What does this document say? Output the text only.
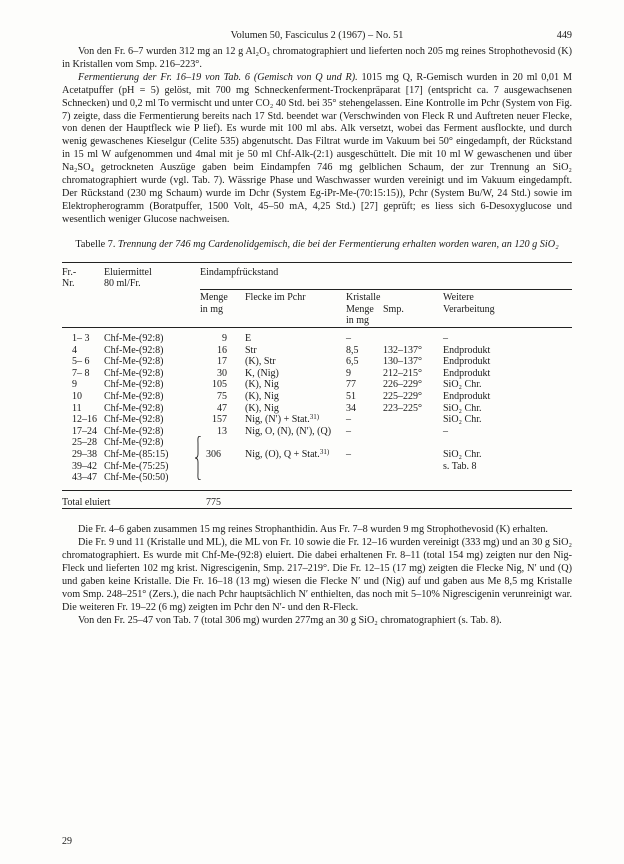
Volumen 50, Fasciculus 2 (1967) – No. 51	449

Von den Fr. 6–7 wurden 312 mg an 12 g Al₂O₃ chromatographiert und lieferten noch 205 mg reines Strophothevosid (K) in Kristallen vom Smp. 216–223°.

Fermentierung der Fr. 16–19 von Tab. 6 (Gemisch von Q und R). 1015 mg Q, R-Gemisch wurden in 20 ml 0,01 M Acetatpuffer (pH = 5) gelöst, mit 700 mg Schneckenferment-Trockenpräparat [17] (entspricht ca. 7 ausgewachsenen Schnecken) und 0,2 ml To vermischt und unter CO₂ 40 Std. bei 35° stehengelassen. Eine Kontrolle im Pchr (System von Fig. 7) zeigte, dass die Fermentierung bereits nach 17 Std. beendet war (Verschwinden von Fleck R und Auftreten neuer Flecke, von denen der Hauptfleck wie P lief). Es wurde mit 100 ml abs. Alk versetzt, wobei das Ferment ausflockte, und durch wenig gewaschenes Kieselgur (Celite 535) abgenutscht. Das Filtrat wurde im Vakuum bei 50° eingedampft, der Rückstand in 15 ml W aufgenommen und 4mal mit je 50 ml Chf-Alk-(2:1) ausgeschüttelt. Die mit 10 ml W gewaschenen und über Na₂SO₄ getrockneten Auszüge gaben beim Eindampfen 746 mg gelblichen Schaum, der zur Trennung an SiO₂ chromatographiert wurde (vgl. Tab. 7). Wässrige Phase und Waschwasser wurden vereinigt und im Vakuum eingedampft. Der Rückstand (230 mg Schaum) wurde im Dchr (System Eg-iPr-Me-(70:15:15)), Pchr (System Bu/W, 24 Std.) sowie im Elektropherogramm (Boratpuffer, 1500 Volt, 45–50 mA, 4,25 Std.) [27] geprüft; es liess sich 6-Desoxyglucose und wesentlich weniger Glucose nachweisen.

Tabelle 7. Trennung der 746 mg Cardenolidgemisch, die bei der Fermentierung erhalten worden waren, an 120 g SiO₂

Fr.-
Nr.	Eluiermittel
80 ml/Fr.	Eindampfrückstand				

		Menge
in mg	Flecke im Pchr	Kristalle
Menge Smp.
in mg		Weitere
Verarbeitung

1– 3	Chf-Me-(92:8)	9	E	–		–
4	Chf-Me-(92:8)	16	Str	8,5	132–137°	Endprodukt
5– 6	Chf-Me-(92:8)	17	(K), Str	6,5	130–137°	Endprodukt
7– 8	Chf-Me-(92:8)	30	K, (Nig)	9	212–215°	Endprodukt
9	Chf-Me-(92:8)	105	(K), Nig	77	226–229°	SiO₂ Chr.
10	Chf-Me-(92:8)	75	(K), Nig	51	225–229°	Endprodukt
11	Chf-Me-(92:8)	47	(K), Nig	34	223–225°	SiO₂ Chr.
12–16	Chf-Me-(92:8)	157	Nig, (N′) + Stat.$^{31)}$	–		SiO₂ Chr.
17–24	Chf-Me-(92:8)	13	Nig, O, (N), (N′), (Q)	–		–
25–28	Chf-Me-(92:8)					
29–38	Chf-Me-(85:15)	306	Nig, (O), Q + Stat.$^{31)}$	–		SiO₂ Chr.
39–42	Chf-Me-(75:25)					s. Tab. 8
43–47	Chf-Me-(50:50)					

Total eluiert		775				

Die Fr. 4–6 gaben zusammen 15 mg reines Strophanthidin. Aus Fr. 7–8 wurden 9 mg Strophothevosid (K) erhalten.

Die Fr. 9 und 11 (Kristalle und ML), die ML von Fr. 10 sowie die Fr. 12–16 wurden vereinigt (333 mg) und an 30 g SiO₂ chromatographiert. Es wurde mit Chf-Me-(92:8) eluiert. Die dabei erhaltenen Fr. 8–11 (total 154 mg) zeigten nur den Nig-Fleck und lieferten 102 mg krist. Nigrescigenin, Smp. 217–219°. Die Fr. 12–15 (17 mg) zeigten die Flecke Nig, N′ und (Q) und gaben keine Kristalle. Die Fr. 16–18 (13 mg) wiesen die Flecke N′ und (Nig) auf und gaben aus Me 8,5 mg Kristalle vom Smp. 248–251° (Zers.), die nach Pchr hauptsächlich N′ enthielten, das noch mit 5–10% Nigrescigenin verunreinigt war. Die weiteren Fr. 19–22 (6 mg) zeigten im Pchr den N′- und den R-Fleck.

Von den Fr. 25–47 von Tab. 7 (total 306 mg) wurden 277mg an 30 g SiO₂ chromatographiert (s. Tab. 8).

29
